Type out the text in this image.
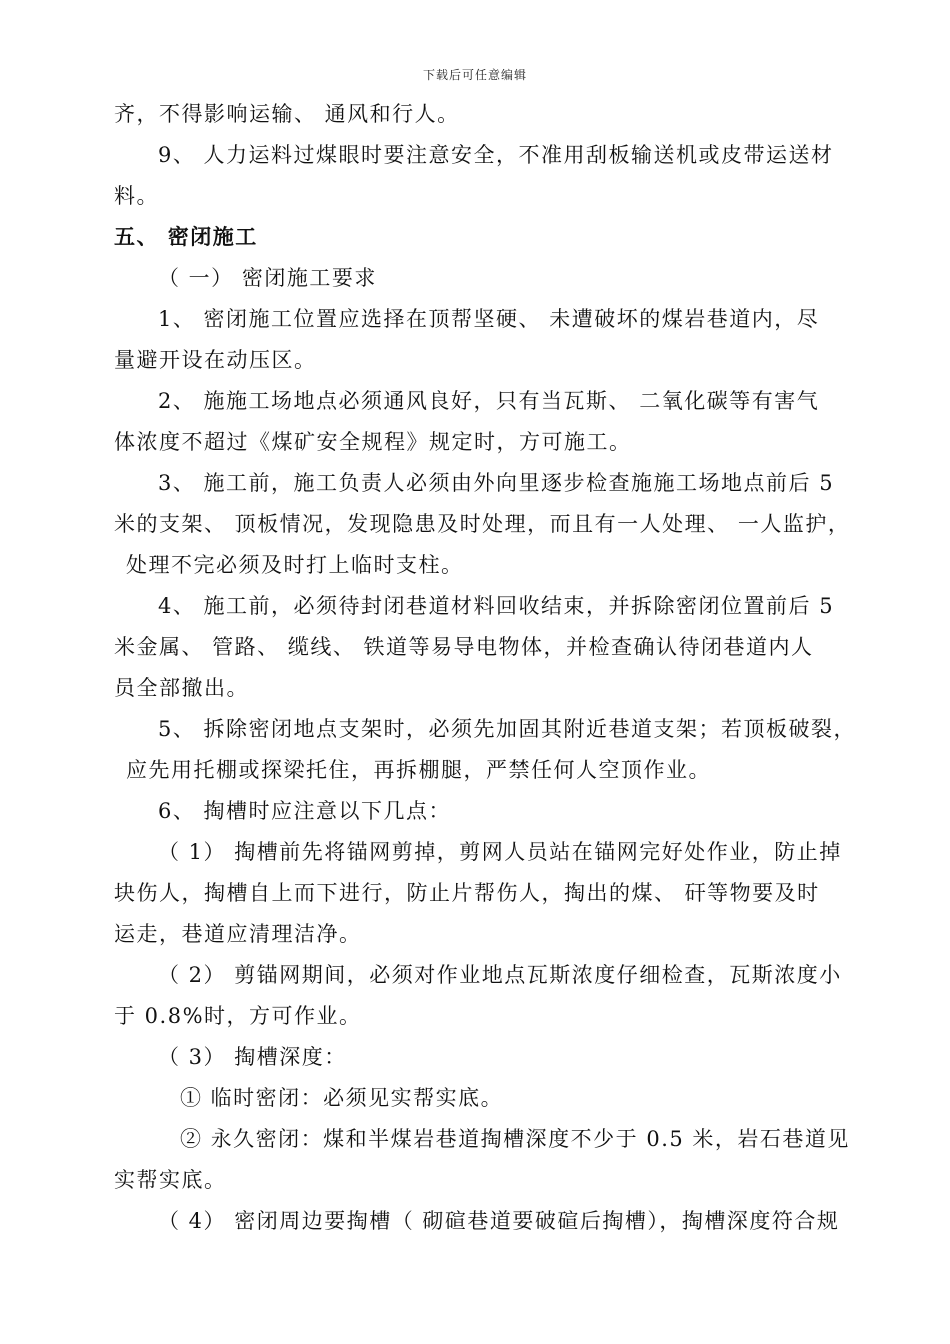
下载后可任意编辑
齐，不得影响运输、 通风和行人。
9、 人力运料过煤眼时要注意安全，不准用刮板输送机或皮带运送材
料。
五、 密闭施工
（ 一） 密闭施工要求
1、 密闭施工位置应选择在顶帮坚硬、 未遭破坏的煤岩巷道内，尽
量避开设在动压区。
2、 施施工场地点必须通风良好，只有当瓦斯、 二氧化碳等有害气
体浓度不超过《煤矿安全规程》规定时，方可施工。
3、 施工前，施工负责人必须由外向里逐步检查施施工场地点前后 5
米的支架、 顶板情况，发现隐患及时处理，而且有一人处理、 一人监护，
处理不完必须及时打上临时支柱。
4、 施工前，必须待封闭巷道材料回收结束，并拆除密闭位置前后 5
米金属、 管路、 缆线、 铁道等易导电物体，并检查确认待闭巷道内人
员全部撤出。
5、 拆除密闭地点支架时，必须先加固其附近巷道支架；若顶板破裂，
应先用托棚或探梁托住，再拆棚腿，严禁任何人空顶作业。
6、 掏槽时应注意以下几点：
（ 1） 掏槽前先将锚网剪掉，剪网人员站在锚网完好处作业，防止掉
块伤人，掏槽自上而下进行，防止片帮伤人，掏出的煤、 矸等物要及时
运走，巷道应清理洁净。
（ 2） 剪锚网期间，必须对作业地点瓦斯浓度仔细检查，瓦斯浓度小
于 0.8%时，方可作业。
（ 3） 掏槽深度：
① 临时密闭：必须见实帮实底。
② 永久密闭：煤和半煤岩巷道掏槽深度不少于 0.5 米，岩石巷道见
实帮实底。
（ 4） 密闭周边要掏槽（ 砌碹巷道要破碹后掏槽），掏槽深度符合规
